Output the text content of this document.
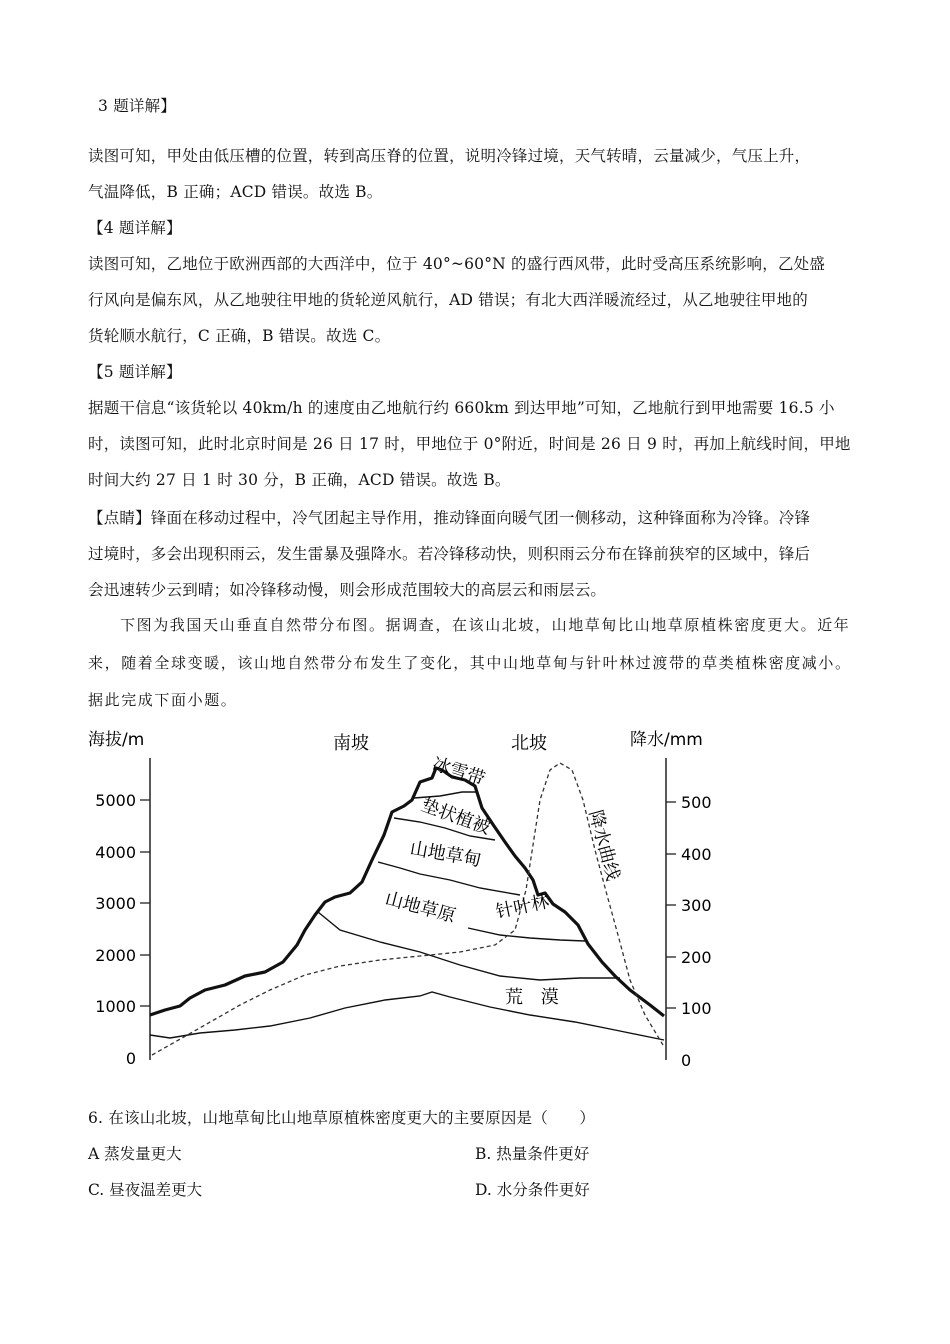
3 题详解】
读图可知，甲处由低压槽的位置，转到高压脊的位置，说明冷锋过境，天气转晴，云量减少，气压上升，
气温降低，B 正确；ACD 错误。故选 B。
【4 题详解】
读图可知，乙地位于欧洲西部的大西洋中，位于 40°~60°N 的盛行西风带，此时受高压系统影响，乙处盛
行风向是偏东风，从乙地驶往甲地的货轮逆风航行，AD 错误；有北大西洋暖流经过，从乙地驶往甲地的
货轮顺水航行，C 正确，B 错误。故选 C。
【5 题详解】
据题干信息“该货轮以 40km/h 的速度由乙地航行约 660km 到达甲地”可知，乙地航行到甲地需要 16.5 小
时，读图可知，此时北京时间是 26 日 17 时，甲地位于 0°附近，时间是 26 日 9 时，再加上航线时间，甲地
时间大约 27 日 1 时 30 分，B 正确，ACD 错误。故选 B。
【点睛】锋面在移动过程中，冷气团起主导作用，推动锋面向暖气团一侧移动，这种锋面称为冷锋。冷锋
过境时，多会出现积雨云，发生雷暴及强降水。若冷锋移动快，则积雨云分布在锋前狭窄的区域中，锋后
会迅速转少云到晴；如冷锋移动慢，则会形成范围较大的高层云和雨层云。
下图为我国天山垂直自然带分布图。据调查，在该山北坡，山地草甸比山地草原植株密度更大。近年
来，随着全球变暖，该山地自然带分布发生了变化，其中山地草甸与针叶林过渡带的草类植株密度减小。
据此完成下面小题。
海拔/m	降水/mm
南坡	北坡
5000
4000
3000
2000
1000
0
500
400
300
200
100
0
冰雪带
垫状植被
山地草甸
山地草原 针叶林
荒 漠
降水曲线
6. 在该山北坡，山地草甸比山地草原植株密度更大的主要原因是（　　）
A 蒸发量更大	B. 热量条件更好
C. 昼夜温差更大	D. 水分条件更好
